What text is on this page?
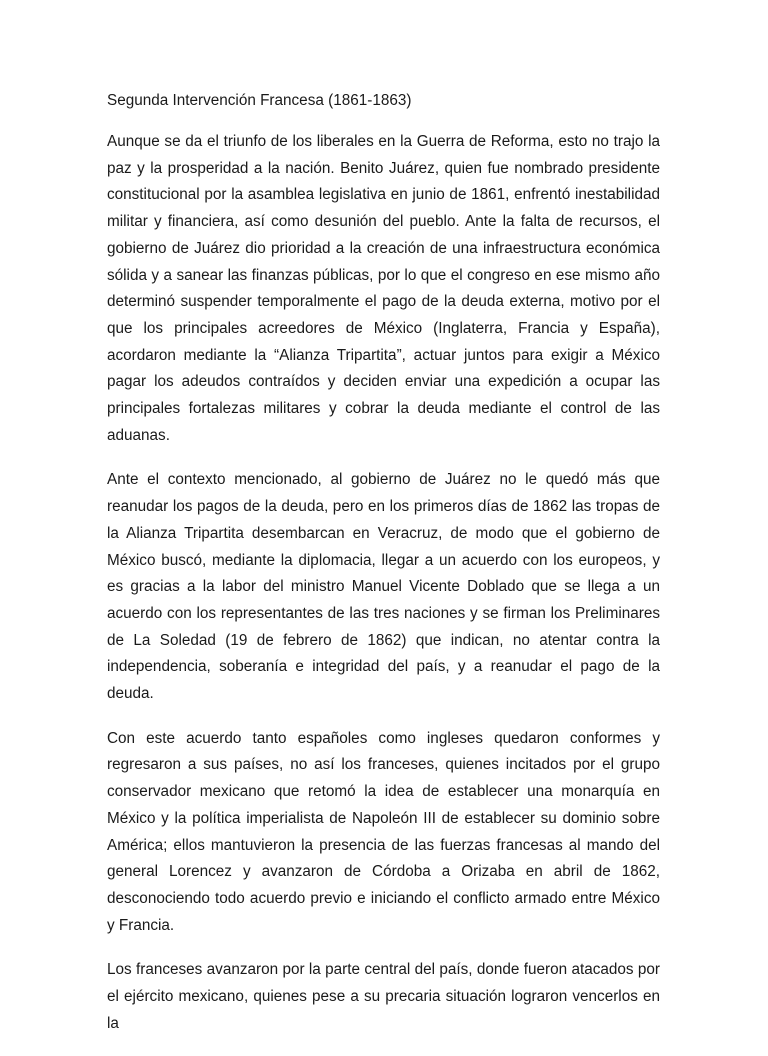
Segunda Intervención Francesa (1861-1863)

Aunque se da el triunfo de los liberales en la Guerra de Reforma, esto no trajo la paz y la prosperidad a la nación. Benito Juárez, quien fue nombrado presidente constitucional por la asamblea legislativa en junio de 1861, enfrentó inestabilidad militar y financiera, así como desunión del pueblo. Ante la falta de recursos, el gobierno de Juárez dio prioridad a la creación de una infraestructura económica sólida y a sanear las finanzas públicas, por lo que el congreso en ese mismo año determinó suspender temporalmente el pago de la deuda externa, motivo por el que los principales acreedores de México (Inglaterra, Francia y España), acordaron mediante la “Alianza Tripartita”, actuar juntos para exigir a México pagar los adeudos contraídos y deciden enviar una expedición a ocupar las principales fortalezas militares y cobrar la deuda mediante el control de las aduanas.

Ante el contexto mencionado, al gobierno de Juárez no le quedó más que reanudar los pagos de la deuda, pero en los primeros días de 1862 las tropas de la Alianza Tripartita desembarcan en Veracruz, de modo que el gobierno de México buscó, mediante la diplomacia, llegar a un acuerdo con los europeos, y es gracias a la labor del ministro Manuel Vicente Doblado que se llega a un acuerdo con los representantes de las tres naciones y se firman los Preliminares de La Soledad (19 de febrero de 1862) que indican, no atentar contra la independencia, soberanía e integridad del país, y a reanudar el pago de la deuda.

Con este acuerdo tanto españoles como ingleses quedaron conformes y regresaron a sus países, no así los franceses, quienes incitados por el grupo conservador mexicano que retomó la idea de establecer una monarquía en México y la política imperialista de Napoleón III de establecer su dominio sobre América; ellos mantuvieron la presencia de las fuerzas francesas al mando del general Lorencez y avanzaron de Córdoba a Orizaba en abril de 1862, desconociendo todo acuerdo previo e iniciando el conflicto armado entre México y Francia.

Los franceses avanzaron por la parte central del país, donde fueron atacados por el ejército mexicano, quienes pese a su precaria situación lograron vencerlos en la
